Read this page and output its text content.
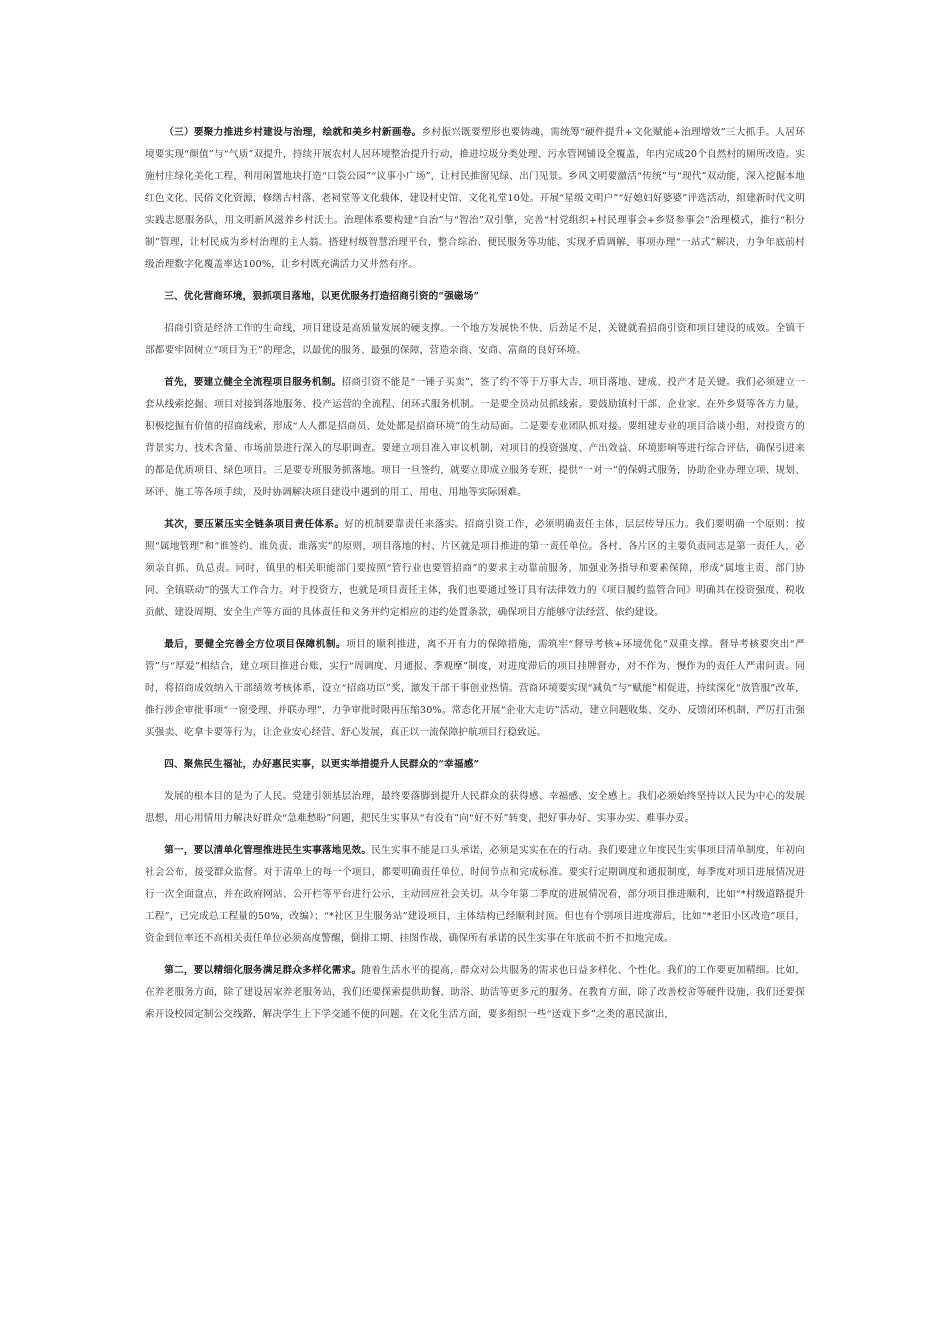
（三）要聚力推进乡村建设与治理，绘就和美乡村新画卷。乡村振兴既要塑形也要铸魂，需统筹“硬件提升+文化赋能+治理增效”三大抓手。人居环境要实现“颜值”与“气质”双提升，持续开展农村人居环境整治提升行动，推进垃圾分类处理、污水管网铺设全覆盖，年内完成20个自然村的厕所改造。实施村庄绿化美化工程，利用闲置地块打造“口袋公园”“议事小广场”，让村民推窗见绿、出门见景。乡风文明要激活“传统”与“现代”双动能，深入挖掘本地红色文化、民俗文化资源，修缮古村落、老祠堂等文化载体，建设村史馆、文化礼堂10处。开展“星级文明户”“好媳妇好婆婆”评选活动，组建新时代文明实践志愿服务队，用文明新风滋养乡村沃土。治理体系要构建“自治”与“智治”双引擎，完善“村党组织+村民理事会+乡贤参事会”治理模式，推行“积分制”管理，让村民成为乡村治理的主人翁。搭建村级智慧治理平台，整合综治、便民服务等功能，实现矛盾调解、事项办理“一站式”解决，力争年底前村级治理数字化覆盖率达100%，让乡村既充满活力又井然有序。

三、优化营商环境，狠抓项目落地，以更优服务打造招商引资的“强磁场”

招商引资是经济工作的生命线，项目建设是高质量发展的硬支撑。一个地方发展快不快、后劲足不足，关键就看招商引资和项目建设的成效。全镇干部都要牢固树立“项目为王”的理念，以最优的服务、最强的保障，营造亲商、安商、富商的良好环境。

首先，要建立健全全流程项目服务机制。招商引资不能是“一锤子买卖”，签了约不等于万事大吉，项目落地、建成、投产才是关键。我们必须建立一套从线索挖掘、项目对接到落地服务、投产运营的全流程、闭环式服务机制。一是要全员动员抓线索。要鼓励镇村干部、企业家、在外乡贤等各方力量，积极挖掘有价值的招商线索，形成“人人都是招商员、处处都是招商环境”的生动局面。二是要专业团队抓对接。要组建专业的项目洽谈小组，对投资方的背景实力、技术含量、市场前景进行深入的尽职调查。要建立项目准入审议机制，对项目的投资强度、产出效益、环境影响等进行综合评估，确保引进来的都是优质项目、绿色项目。三是要专班服务抓落地。项目一旦签约，就要立即成立服务专班，提供“一对一”的保姆式服务，协助企业办理立项、规划、环评、施工等各项手续，及时协调解决项目建设中遇到的用工、用电、用地等实际困难。

其次，要压紧压实全链条项目责任体系。好的机制要靠责任来落实。招商引资工作，必须明确责任主体，层层传导压力。我们要明确一个原则：按照“属地管理”和“谁签约、谁负责、谁落实”的原则，项目落地的村、片区就是项目推进的第一责任单位。各村、各片区的主要负责同志是第一责任人，必须亲自抓、负总责。同时，镇里的相关职能部门要按照“管行业也要管招商”的要求主动靠前服务，加强业务指导和要素保障，形成“属地主责、部门协同、全镇联动”的强大工作合力。对于投资方，也就是项目责任主体，我们也要通过签订具有法律效力的《项目履约监管合同》明确其在投资强度、税收贡献、建设周期、安全生产等方面的具体责任和义务并约定相应的违约处置条款，确保项目方能够守法经营、依约建设。

最后，要健全完善全方位项目保障机制。项目的顺利推进，离不开有力的保障措施，需筑牢“督导考核+环境优化”双重支撑。督导考核要突出“严管”与“厚爱”相结合，建立项目推进台账，实行“周调度、月通报、季观摩”制度，对进度滞后的项目挂牌督办，对不作为、慢作为的责任人严肃问责。同时，将招商成效纳入干部绩效考核体系，设立“招商功臣”奖，激发干部干事创业热情。营商环境要实现“减负”与“赋能”相促进，持续深化“放管服”改革，推行涉企审批事项“一窗受理、并联办理”，力争审批时限再压缩30%。常态化开展“企业大走访”活动，建立问题收集、交办、反馈闭环机制，严厉打击强买强卖、吃拿卡要等行为，让企业安心经营、舒心发展，真正以一流保障护航项目行稳致远。

四、聚焦民生福祉，办好惠民实事，以更实举措提升人民群众的“幸福感”

发展的根本目的是为了人民。党建引领基层治理，最终要落脚到提升人民群众的获得感、幸福感、安全感上。我们必须始终坚持以人民为中心的发展思想，用心用情用力解决好群众“急难愁盼”问题，把民生实事从“有没有”向“好不好”转变，把好事办好、实事办实、难事办妥。

第一，要以清单化管理推进民生实事落地见效。民生实事不能是口头承诺，必须是实实在在的行动。我们要建立年度民生实事项目清单制度，年初向社会公布，接受群众监督。对于清单上的每一个项目，都要明确责任单位、时间节点和完成标准。要实行定期调度和通报制度，每季度对项目进展情况进行一次全面盘点，并在政府网站、公开栏等平台进行公示，主动回应社会关切。从今年第二季度的进展情况看，部分项目推进顺利，比如“*村级道路提升工程”，已完成总工程量的50%，改编）；“*社区卫生服务站”建设项目，主体结构已经顺利封顶。但也有个别项目进度滞后，比如“*老旧小区改造”项目，资金到位率还不高相关责任单位必须高度警醒，倒排工期、挂图作战，确保所有承诺的民生实事在年底前不折不扣地完成。

第二，要以精细化服务满足群众多样化需求。随着生活水平的提高，群众对公共服务的需求也日益多样化、个性化。我们的工作要更加精细。比如，在养老服务方面，除了建设居家养老服务站，我们还要探索提供助餐、助浴、助洁等更多元的服务。在教育方面，除了改善校舍等硬件设施，我们还要探索开设校园定制公交线路，解决学生上下学交通不便的问题。在文化生活方面，要多组织一些“送戏下乡”之类的惠民演出，
